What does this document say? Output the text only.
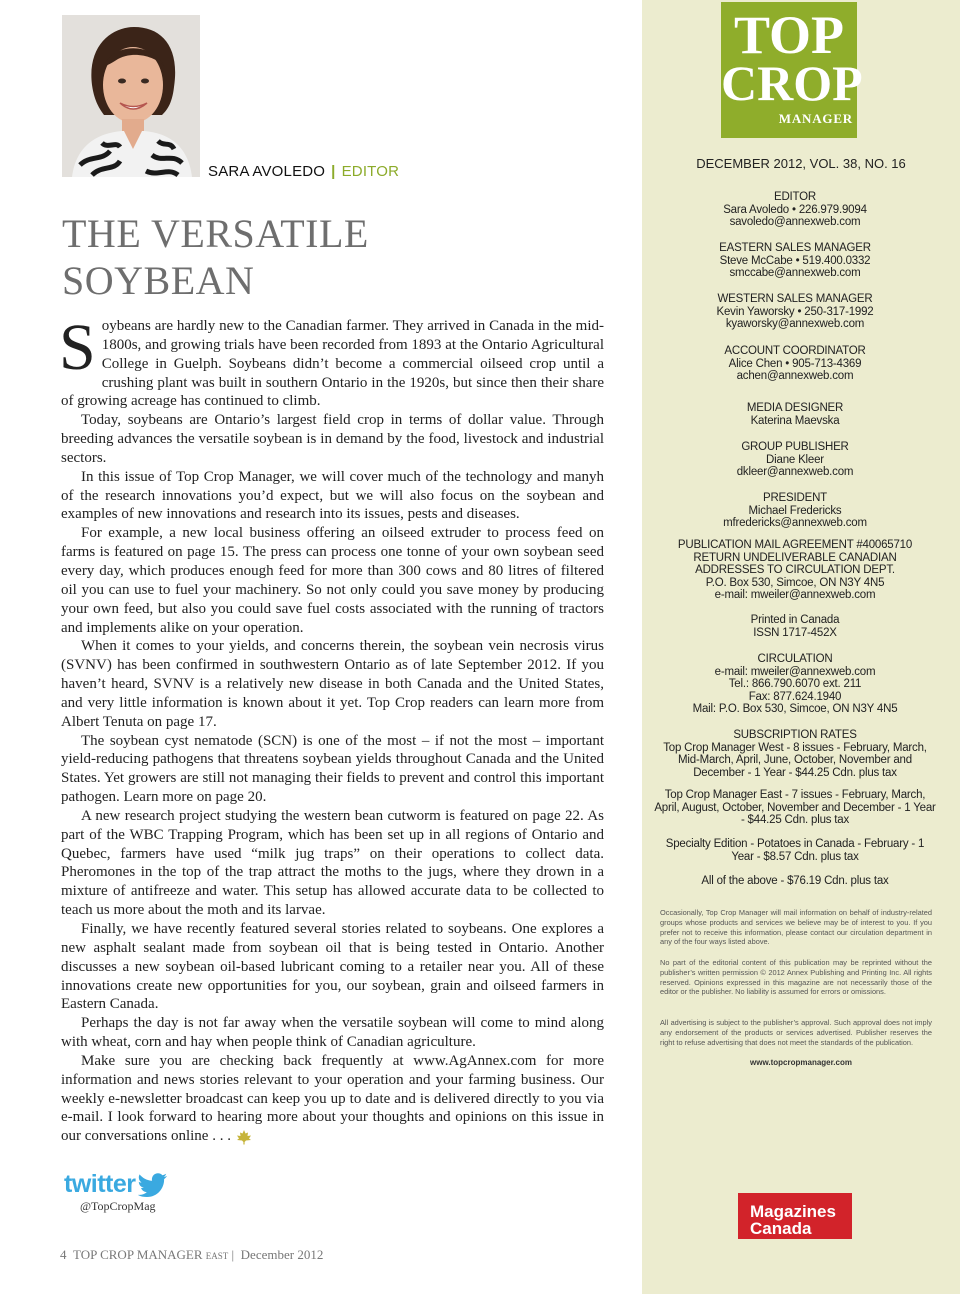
SARA AVOLEDO | EDITOR
THE VERSATILE
SOYBEAN

Soybeans are hardly new to the Canadian farmer. They arrived in Canada in the mid-1800s, and growing trials have been recorded from 1893 at the Ontario Agricultural College in Guelph. Soybeans didn’t become a commercial oilseed crop until a crushing plant was built in southern Ontario in the 1920s, but since then their share of growing acreage has continued to climb.

Today, soybeans are Ontario’s largest field crop in terms of dollar value. Through breeding advances the versatile soybean is in demand by the food, livestock and industrial sectors.

In this issue of Top Crop Manager, we will cover much of the technology and manyh of the research innovations you’d expect, but we will also focus on the soybean and examples of new innovations and research into its issues, pests and diseases.

For example, a new local business offering an oilseed extruder to process feed on farms is featured on page 15. The press can process one tonne of your own soybean seed every day, which produces enough feed for more than 300 cows and 80 litres of filtered oil you can use to fuel your machinery. So not only could you save money by producing your own feed, but also you could save fuel costs associated with the running of tractors and implements alike on your operation.

When it comes to your yields, and concerns therein, the soybean vein necrosis virus (SVNV) has been confirmed in southwestern Ontario as of late September 2012. If you haven’t heard, SVNV is a relatively new disease in both Canada and the United States, and very little information is known about it yet. Top Crop readers can learn more from Albert Tenuta on page 17.

The soybean cyst nematode (SCN) is one of the most – if not the most – important yield-reducing pathogens that threatens soybean yields throughout Canada and the United States. Yet growers are still not managing their fields to prevent and control this important pathogen. Learn more on page 20.

A new research project studying the western bean cutworm is featured on page 22. As part of the WBC Trapping Program, which has been set up in all regions of Ontario and Quebec, farmers have used “milk jug traps” on their operations to collect data. Pheromones in the top of the trap attract the moths to the jugs, where they drown in a mixture of antifreeze and water. This setup has allowed accurate data to be collected to teach us more about the moth and its larvae.

Finally, we have recently featured several stories related to soybeans. One explores a new asphalt sealant made from soybean oil that is being tested in Ontario. Another discusses a new soybean oil-based lubricant coming to a retailer near you. All of these innovations create new opportunities for you, our soybean, grain and oilseed farmers in Eastern Canada.

Perhaps the day is not far away when the versatile soybean will come to mind along with wheat, corn and hay when people think of Canadian agriculture.

Make sure you are checking back frequently at www.AgAnnex.com for more information and news stories relevant to your operation and your farming business. Our weekly e-newsletter broadcast can keep you up to date and is delivered directly to you via e-mail. I look forward to hearing more about your thoughts and opinions on this issue in our conversations online . . .

twitter
@TopCropMag
4 TOP CROP MANAGER EAST | December 2012
TOP
CROP
MANAGER
DECEMBER 2012, VOL. 38, NO. 16
EDITOR
Sara Avoledo • 226.979.9094
savoledo@annexweb.com
EASTERN SALES MANAGER
Steve McCabe • 519.400.0332
smccabe@annexweb.com
WESTERN SALES MANAGER
Kevin Yaworsky • 250-317-1992
kyaworsky@annexweb.com
ACCOUNT COORDINATOR
Alice Chen • 905-713-4369
achen@annexweb.com
MEDIA DESIGNER
Katerina Maevska
GROUP PUBLISHER
Diane Kleer
dkleer@annexweb.com
PRESIDENT
Michael Fredericks
mfredericks@annexweb.com
PUBLICATION MAIL AGREEMENT #40065710
RETURN UNDELIVERABLE CANADIAN
ADDRESSES TO CIRCULATION DEPT.
P.O. Box 530, Simcoe, ON N3Y 4N5
e-mail: mweiler@annexweb.com
Printed in Canada
ISSN 1717-452X
CIRCULATION
e-mail: mweiler@annexweb.com
Tel.: 866.790.6070 ext. 211
Fax: 877.624.1940
Mail: P.O. Box 530, Simcoe, ON N3Y 4N5
SUBSCRIPTION RATES
Top Crop Manager West - 8 issues - February, March, Mid-March, April, June, October, November and December - 1 Year - $44.25 Cdn. plus tax
Top Crop Manager East - 7 issues - February, March, April, August, October, November and December - 1 Year - $44.25 Cdn. plus tax
Specialty Edition - Potatoes in Canada - February - 1 Year - $8.57 Cdn. plus tax
All of the above - $76.19 Cdn. plus tax
Occasionally, Top Crop Manager will mail information on behalf of industry-related groups whose products and services we believe may be of interest to you. If you prefer not to receive this information, please contact our circulation department in any of the four ways listed above.
No part of the editorial content of this publication may be reprinted without the publisher’s written permission © 2012 Annex Publishing and Printing Inc. All rights reserved. Opinions expressed in this magazine are not necessarily those of the editor or the publisher. No liability is assumed for errors or omissions.
All advertising is subject to the publisher’s approval. Such approval does not imply any endorsement of the products or services advertised. Publisher reserves the right to refuse advertising that does not meet the standards of the publication.
www.topcropmanager.com
Magazines
Canada
